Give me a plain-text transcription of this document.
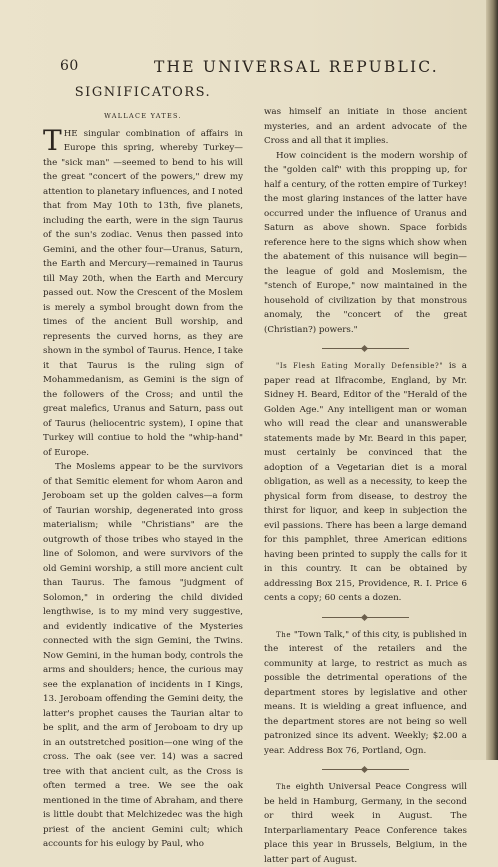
60	THE UNIVERSAL REPUBLIC.
SIGNIFICATORS.
WALLACE YATES.

THE singular combination of affairs in Europe this spring, whereby Turkey—the "sick man" —seemed to bend to his will the great "concert of the powers," drew my attention to planetary influences, and I noted that from May 10th to 13th, five planets, including the earth, were in the sign Taurus of the sun's zodiac. Venus then passed into Gemini, and the other four—Uranus, Saturn, the Earth and Mercury—remained in Taurus till May 20th, when the Earth and Mercury passed out. Now the Crescent of the Moslem is merely a symbol brought down from the times of the ancient Bull worship, and represents the curved horns, as they are shown in the symbol of Taurus. Hence, I take it that Taurus is the ruling sign of Mohammedanism, as Gemini is the sign of the followers of the Cross; and until the great malefics, Uranus and Saturn, pass out of Taurus (heliocentric system), I opine that Turkey will contiue to hold the "whip-hand" of Europe.

The Moslems appear to be the survivors of that Semitic element for whom Aaron and Jeroboam set up the golden calves—a form of Taurian worship, degenerated into gross materialism; while "Christians" are the outgrowth of those tribes who stayed in the line of Solomon, and were survivors of the old Gemini worship, a still more ancient cult than Taurus. The famous "judgment of Solomon," in ordering the child divided lengthwise, is to my mind very suggestive, and evidently indicative of the Mysteries connected with the sign Gemini, the Twins. Now Gemini, in the human body, controls the arms and shoulders; hence, the curious may see the explanation of incidents in I Kings, 13. Jeroboam offending the Gemini deity, the latter's prophet causes the Taurian altar to be split, and the arm of Jeroboam to dry up in an outstretched position—one wing of the cross. The oak (see ver. 14) was a sacred tree with that ancient cult, as the Cross is often termed a tree. We see the oak mentioned in the time of Abraham, and there is little doubt that Melchizedec was the high priest of the ancient Gemini cult; which accounts for his eulogy by Paul, who

was himself an initiate in those ancient mysteries, and an ardent advocate of the Cross and all that it implies.

How coincident is the modern worship of the "golden calf" with this propping up, for half a century, of the rotten empire of Turkey! the most glaring instances of the latter have occurred under the influence of Uranus and Saturn as above shown. Space forbids reference here to the signs which show when the abatement of this nuisance will begin—the league of gold and Moslemism, the "stench of Europe," now maintained in the household of civilization by that monstrous anomaly, the "concert of the great (Christian?) powers."

"Is Flesh Eating Morally Defensible?" is a paper read at Ilfracombe, England, by Mr. Sidney H. Beard, Editor of the "Herald of the Golden Age." Any intelligent man or woman who will read the clear and unanswerable statements made by Mr. Beard in this paper, must certainly be convinced that the adoption of a Vegetarian diet is a moral obligation, as well as a necessity, to keep the physical form from disease, to destroy the thirst for liquor, and keep in subjection the evil passions. There has been a large demand for this pamphlet, three American editions having been printed to supply the calls for it in this country. It can be obtained by addressing Box 215, Providence, R. I. Price 6 cents a copy; 60 cents a dozen.

The "Town Talk," of this city, is published in the interest of the retailers and the community at large, to restrict as much as possible the detrimental operations of the department stores by legislative and other means. It is wielding a great influence, and the department stores are not being so well patronized since its advent. Weekly; $2.00 a year. Address Box 76, Portland, Ogn.

The eighth Universal Peace Congress will be held in Hamburg, Germany, in the second or third week in August. The Interparliamentary Peace Conference takes place this year in Brussels, Belgium, in the latter part of August.
